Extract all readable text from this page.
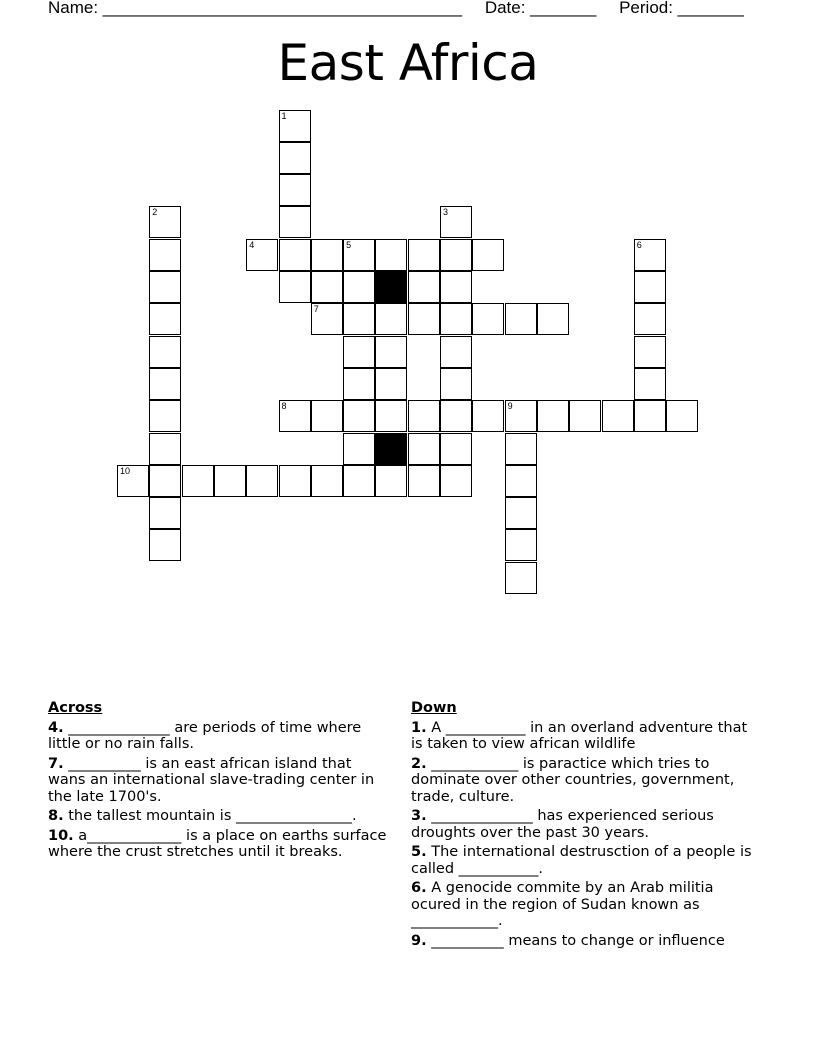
Name: ______________________________________ Date: _______ Period: _______
East Africa
1
2	3
5	6
9
4
7
8
10
Across
4. ______________ are periods of time where little or no rain falls.
7. __________ is an east african island that wans an international slave-trading center in the late 1700's.
8. the tallest mountain is ________________.
10. a_____________ is a place on earths surface where the crust stretches until it breaks.
Down
1. A ___________ in an overland adventure that is taken to view african wildlife
2. ____________ is paractice which tries to dominate over other countries, government, trade, culture.
3. ______________ has experienced serious droughts over the past 30 years.
5. The international destrusction of a people is called ___________.
6. A genocide commite by an Arab militia ocured in the region of Sudan known as ____________.
9. __________ means to change or influence
